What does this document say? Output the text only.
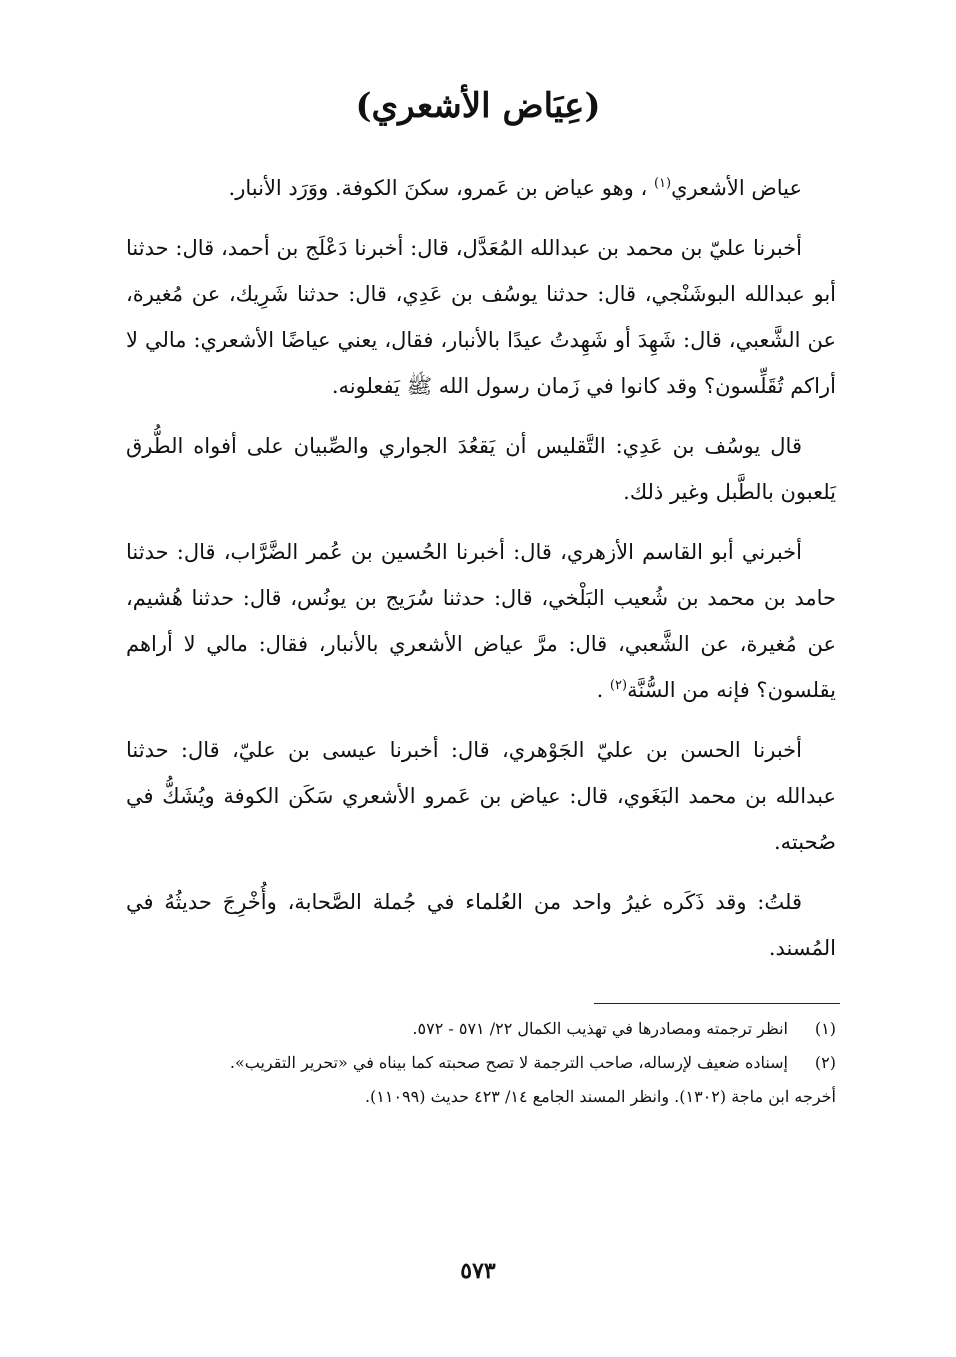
(عِيَاض الأشعري)

عياض الأشعري$^{(١)}$ ، وهو عياض بن عَمرو، سكنَ الكوفة. ووَرَد الأنبار.

أخبرنا عليّ بن محمد بن عبدالله المُعَدَّل، قال: أخبرنا دَعْلَج بن أحمد، قال: حدثنا أبو عبدالله البوشَنْجي، قال: حدثنا يوسُف بن عَدِي، قال: حدثنا شَرِيك، عن مُغيرة، عن الشَّعبي، قال: شَهِدَ أو شَهِدتُ عيدًا بالأنبار، فقال، يعني عياضًا الأشعري: مالي لا أراكم تُقَلِّسون؟ وقد كانوا في زَمان رسول الله ﷺ يَفعلونه.

قال يوسُف بن عَدِي: التَّقليس أن يَقعُدَ الجواري والصِّبيان على أفواه الطُّرق يَلعبون بالطَّبل وغير ذلك.

أخبرني أبو القاسم الأزهري، قال: أخبرنا الحُسين بن عُمر الضَّرَّاب، قال: حدثنا حامد بن محمد بن شُعيب البَلْخي، قال: حدثنا سُرَيج بن يونُس، قال: حدثنا هُشيم، عن مُغيرة، عن الشَّعبي، قال: مرَّ عياض الأشعري بالأنبار، فقال: مالي لا أراهم يقلسون؟ فإنه من السُّنَّة$^{(٢)}$ .

أخبرنا الحسن بن عليّ الجَوْهري، قال: أخبرنا عيسى بن عليّ، قال: حدثنا عبدالله بن محمد البَغَوي، قال: عياض بن عَمرو الأشعري سَكَن الكوفة ويُشَكُّ في صُحبته.

قلتُ: وقد ذَكَره غيرُ واحد من العُلماء في جُملة الصَّحابة، وأُخْرِجَ حديثُهُ في المُسند.

(١)
انظر ترجمته ومصادرها في تهذيب الكمال ٢٢/ ٥٧١ - ٥٧٢.
(٢)
إسناده ضعيف لإرساله، صاحب الترجمة لا تصح صحبته كما بيناه في «تحرير التقريب».
أخرجه ابن ماجة (١٣٠٢). وانظر المسند الجامع ١٤/ ٤٢٣ حديث (١١٠٩٩).
٥٧٣
